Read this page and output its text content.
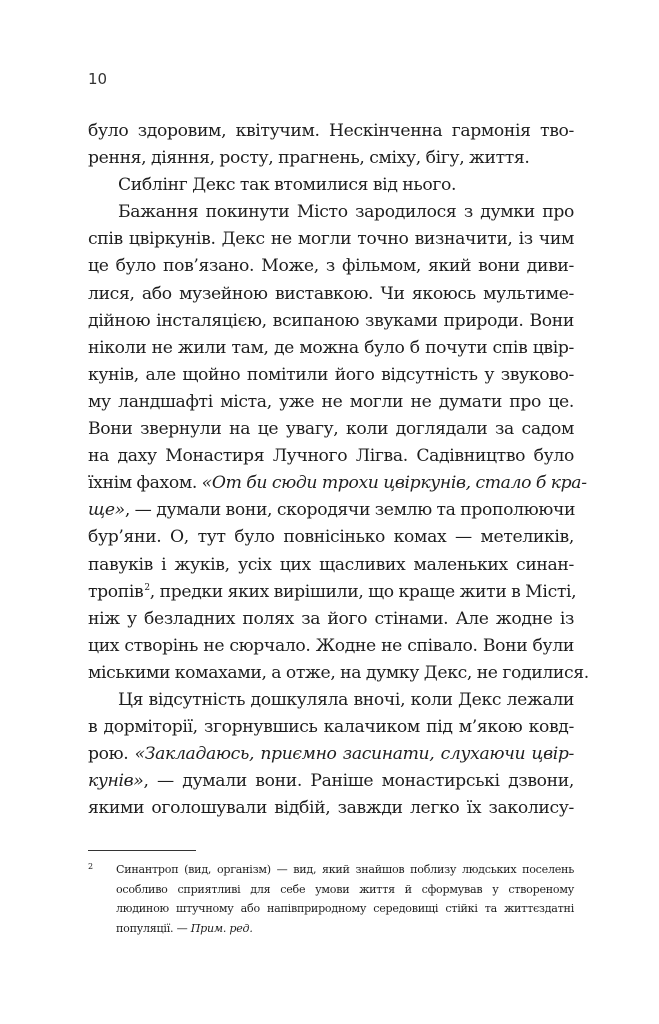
10
було здоровим, квітучим. Нескінченна гармонія тво-
рення, діяння, росту, прагнень, сміху, бігу, життя.
Сиблінг Декс так втомилися від нього.
Бажання покинути Місто зародилося з думки про
спів цвіркунів. Декс не могли точно визначити, із чим
це було пов’язано. Може, з фільмом, який вони диви-
лися, або музейною виставкою. Чи якоюсь мультиме-
дійною інсталяцією, всипаною звуками природи. Вони
ніколи не жили там, де можна було б почути спів цвір-
кунів, але щойно помітили його відсутність у звуково-
му ландшафті міста, уже не могли не думати про це.
Вони звернули на це увагу, коли доглядали за садом
на даху Монастиря Лучного Лігва. Садівництво було
їхнім фахом. «От би сюди трохи цвіркунів, стало б кра-
ще», — думали вони, скородячи землю та прополюючи
бур’яни. О, тут було повнісінько комах — метеликів,
павуків і жуків, усіх цих щасливих маленьких синан-
тропів$^2$, предки яких вирішили, що краще жити в Місті,
ніж у безладних полях за його стінами. Але жодне із
цих створінь не сюрчало. Жодне не співало. Вони були
міськими комахами, а отже, на думку Декс, не годилися.
Ця відсутність дошкуляла вночі, коли Декс лежали
в дорміторії, згорнувшись калачиком під м’якою ковд-
рою. «Закладаюсь, приємно засинати, слухаючи цвір-
кунів», — думали вони. Раніше монастирські дзвони,
якими оголошували відбій, завжди легко їх заколису-
2 Синантроп (вид, організм) — вид, який знайшов поблизу людських поселень
особливо сприятливі для себе умови життя й сформував у створеному
людиною штучному або напівприродному середовищі стійкі та життєздатні
популяції. — Прим. ред.
